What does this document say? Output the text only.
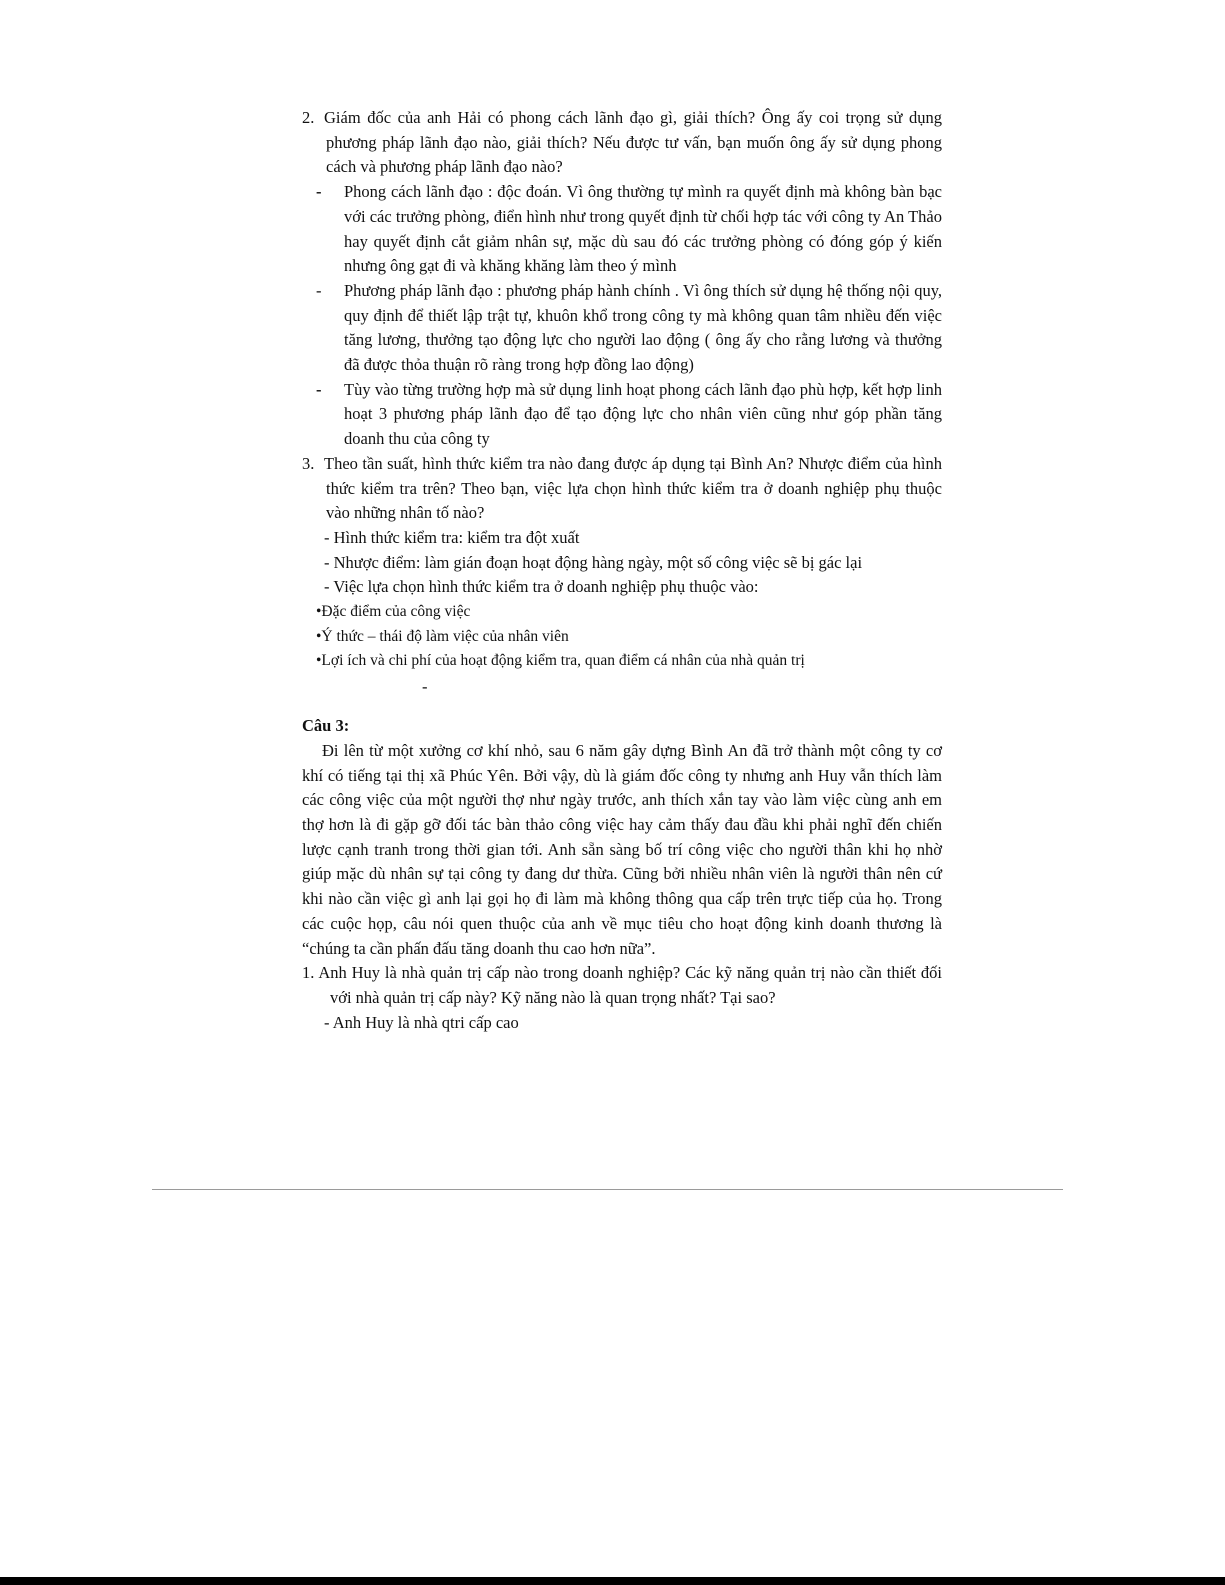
2. Giám đốc của anh Hải có phong cách lãnh đạo gì, giải thích? Ông ấy coi trọng sử dụng phương pháp lãnh đạo nào, giải thích? Nếu được tư vấn, bạn muốn ông ấy sử dụng phong cách và phương pháp lãnh đạo nào?

- Phong cách lãnh đạo : độc đoán. Vì ông thường tự mình ra quyết định mà không bàn bạc với các trưởng phòng, điển hình như trong quyết định từ chối hợp tác với công ty An Thảo hay quyết định cắt giảm nhân sự, mặc dù sau đó các trưởng phòng có đóng góp ý kiến nhưng ông gạt đi và khăng khăng làm theo ý mình

- Phương pháp lãnh đạo : phương pháp hành chính . Vì ông thích sử dụng hệ thống nội quy, quy định để thiết lập trật tự, khuôn khổ trong công ty mà không quan tâm nhiều đến việc tăng lương, thưởng tạo động lực cho người lao động ( ông ấy cho rằng lương và thưởng đã được thỏa thuận rõ ràng trong hợp đồng lao động)

- Tùy vào từng trường hợp mà sử dụng linh hoạt phong cách lãnh đạo phù hợp, kết hợp linh hoạt 3 phương pháp lãnh đạo để tạo động lực cho nhân viên cũng như góp phần tăng doanh thu của công ty

3. Theo tần suất, hình thức kiểm tra nào đang được áp dụng tại Bình An? Nhược điểm của hình thức kiểm tra trên? Theo bạn, việc lựa chọn hình thức kiểm tra ở doanh nghiệp phụ thuộc vào những nhân tố nào?

- Hình thức kiểm tra: kiểm tra đột xuất

- Nhược điểm: làm gián đoạn hoạt động hàng ngày, một số công việc sẽ bị gác lại

- Việc lựa chọn hình thức kiểm tra ở doanh nghiệp phụ thuộc vào:

•Đặc điểm của công việc

•Ý thức – thái độ làm việc của nhân viên

•Lợi ích và chi phí của hoạt động kiểm tra, quan điểm cá nhân của nhà quản trị

-

Câu 3:

Đi lên từ một xưởng cơ khí nhỏ, sau 6 năm gây dựng Bình An đã trở thành một công ty cơ khí có tiếng tại thị xã Phúc Yên. Bởi vậy, dù là giám đốc công ty nhưng anh Huy vẫn thích làm các công việc của một người thợ như ngày trước, anh thích xắn tay vào làm việc cùng anh em thợ hơn là đi gặp gỡ đối tác bàn thảo công việc hay cảm thấy đau đầu khi phải nghĩ đến chiến lược cạnh tranh trong thời gian tới. Anh sẵn sàng bố trí công việc cho người thân khi họ nhờ giúp mặc dù nhân sự tại công ty đang dư thừa. Cũng bởi nhiều nhân viên là người thân nên cứ khi nào cần việc gì anh lại gọi họ đi làm mà không thông qua cấp trên trực tiếp của họ. Trong các cuộc họp, câu nói quen thuộc của anh về mục tiêu cho hoạt động kinh doanh thương là “chúng ta cần phấn đấu tăng doanh thu cao hơn nữa”.

1. Anh Huy là nhà quản trị cấp nào trong doanh nghiệp? Các kỹ năng quản trị nào cần thiết đối với nhà quản trị cấp này? Kỹ năng nào là quan trọng nhất? Tại sao?

- Anh Huy là nhà qtri cấp cao
